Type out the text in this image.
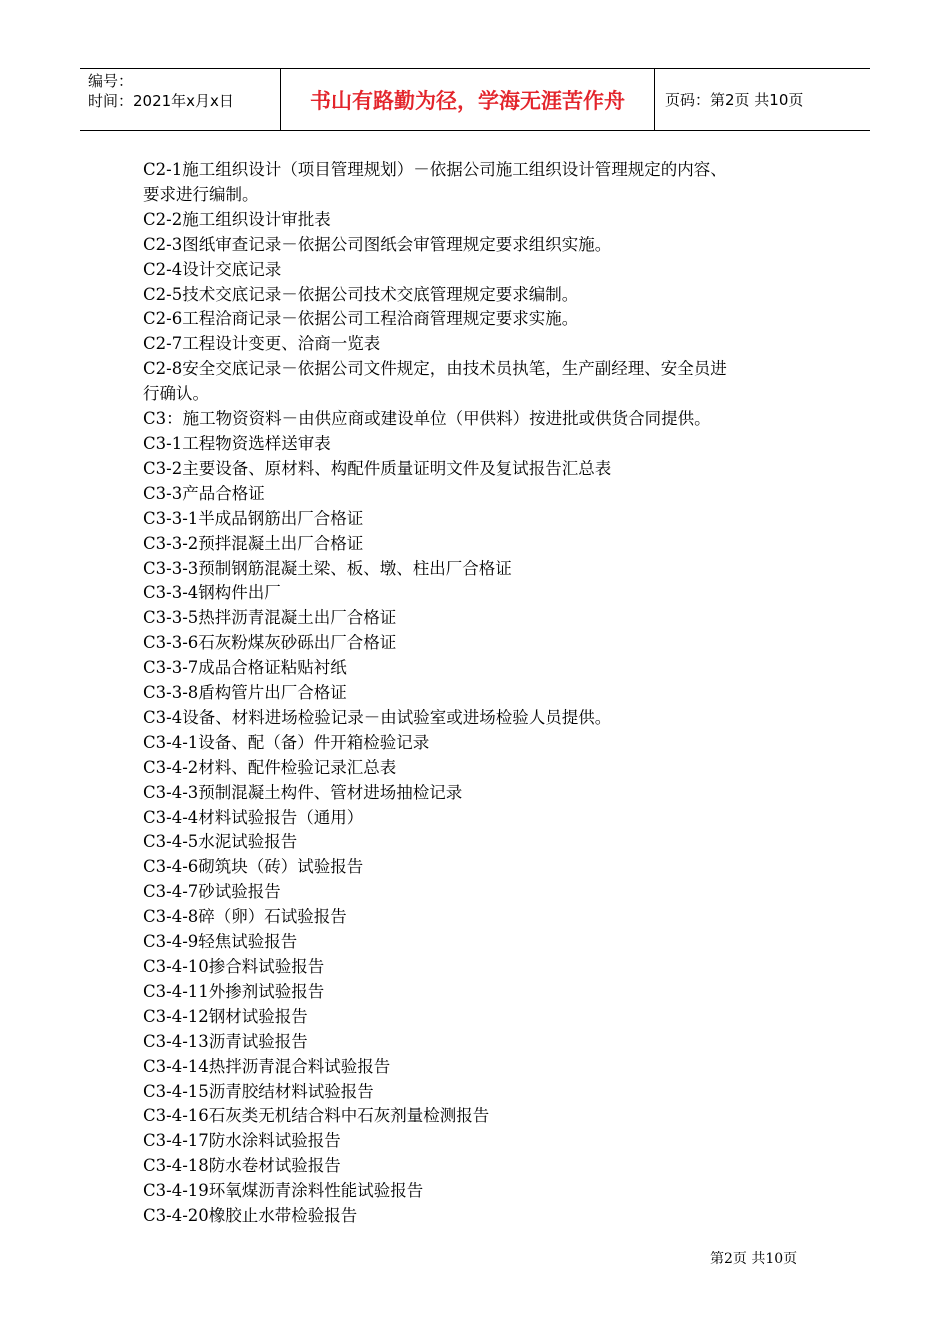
编号：
时间：2021年x月x日	书山有路勤为径，学海无涯苦作舟	页码：第2页 共10页

C2-1施工组织设计（项目管理规划）－依据公司施工组织设计管理规定的内容、

要求进行编制。

C2-2施工组织设计审批表

C2-3图纸审查记录－依据公司图纸会审管理规定要求组织实施。

C2-4设计交底记录

C2-5技术交底记录－依据公司技术交底管理规定要求编制。

C2-6工程洽商记录－依据公司工程洽商管理规定要求实施。

C2-7工程设计变更、洽商一览表

C2-8安全交底记录－依据公司文件规定，由技术员执笔，生产副经理、安全员进

行确认。

C3：施工物资资料－由供应商或建设单位（甲供料）按进批或供货合同提供。

C3-1工程物资选样送审表

C3-2主要设备、原材料、构配件质量证明文件及复试报告汇总表

C3-3产品合格证

C3-3-1半成品钢筋出厂合格证

C3-3-2预拌混凝土出厂合格证

C3-3-3预制钢筋混凝土梁、板、墩、柱出厂合格证

C3-3-4钢构件出厂

C3-3-5热拌沥青混凝土出厂合格证

C3-3-6石灰粉煤灰砂砾出厂合格证

C3-3-7成品合格证粘贴衬纸

C3-3-8盾构管片出厂合格证

C3-4设备、材料进场检验记录－由试验室或进场检验人员提供。

C3-4-1设备、配（备）件开箱检验记录

C3-4-2材料、配件检验记录汇总表

C3-4-3预制混凝土构件、管材进场抽检记录

C3-4-4材料试验报告（通用）

C3-4-5水泥试验报告

C3-4-6砌筑块（砖）试验报告

C3-4-7砂试验报告

C3-4-8碎（卵）石试验报告

C3-4-9轻焦试验报告

C3-4-10掺合料试验报告

C3-4-11外掺剂试验报告

C3-4-12钢材试验报告

C3-4-13沥青试验报告

C3-4-14热拌沥青混合料试验报告

C3-4-15沥青胶结材料试验报告

C3-4-16石灰类无机结合料中石灰剂量检测报告

C3-4-17防水涂料试验报告

C3-4-18防水卷材试验报告

C3-4-19环氧煤沥青涂料性能试验报告

C3-4-20橡胶止水带检验报告

第2页 共10页
